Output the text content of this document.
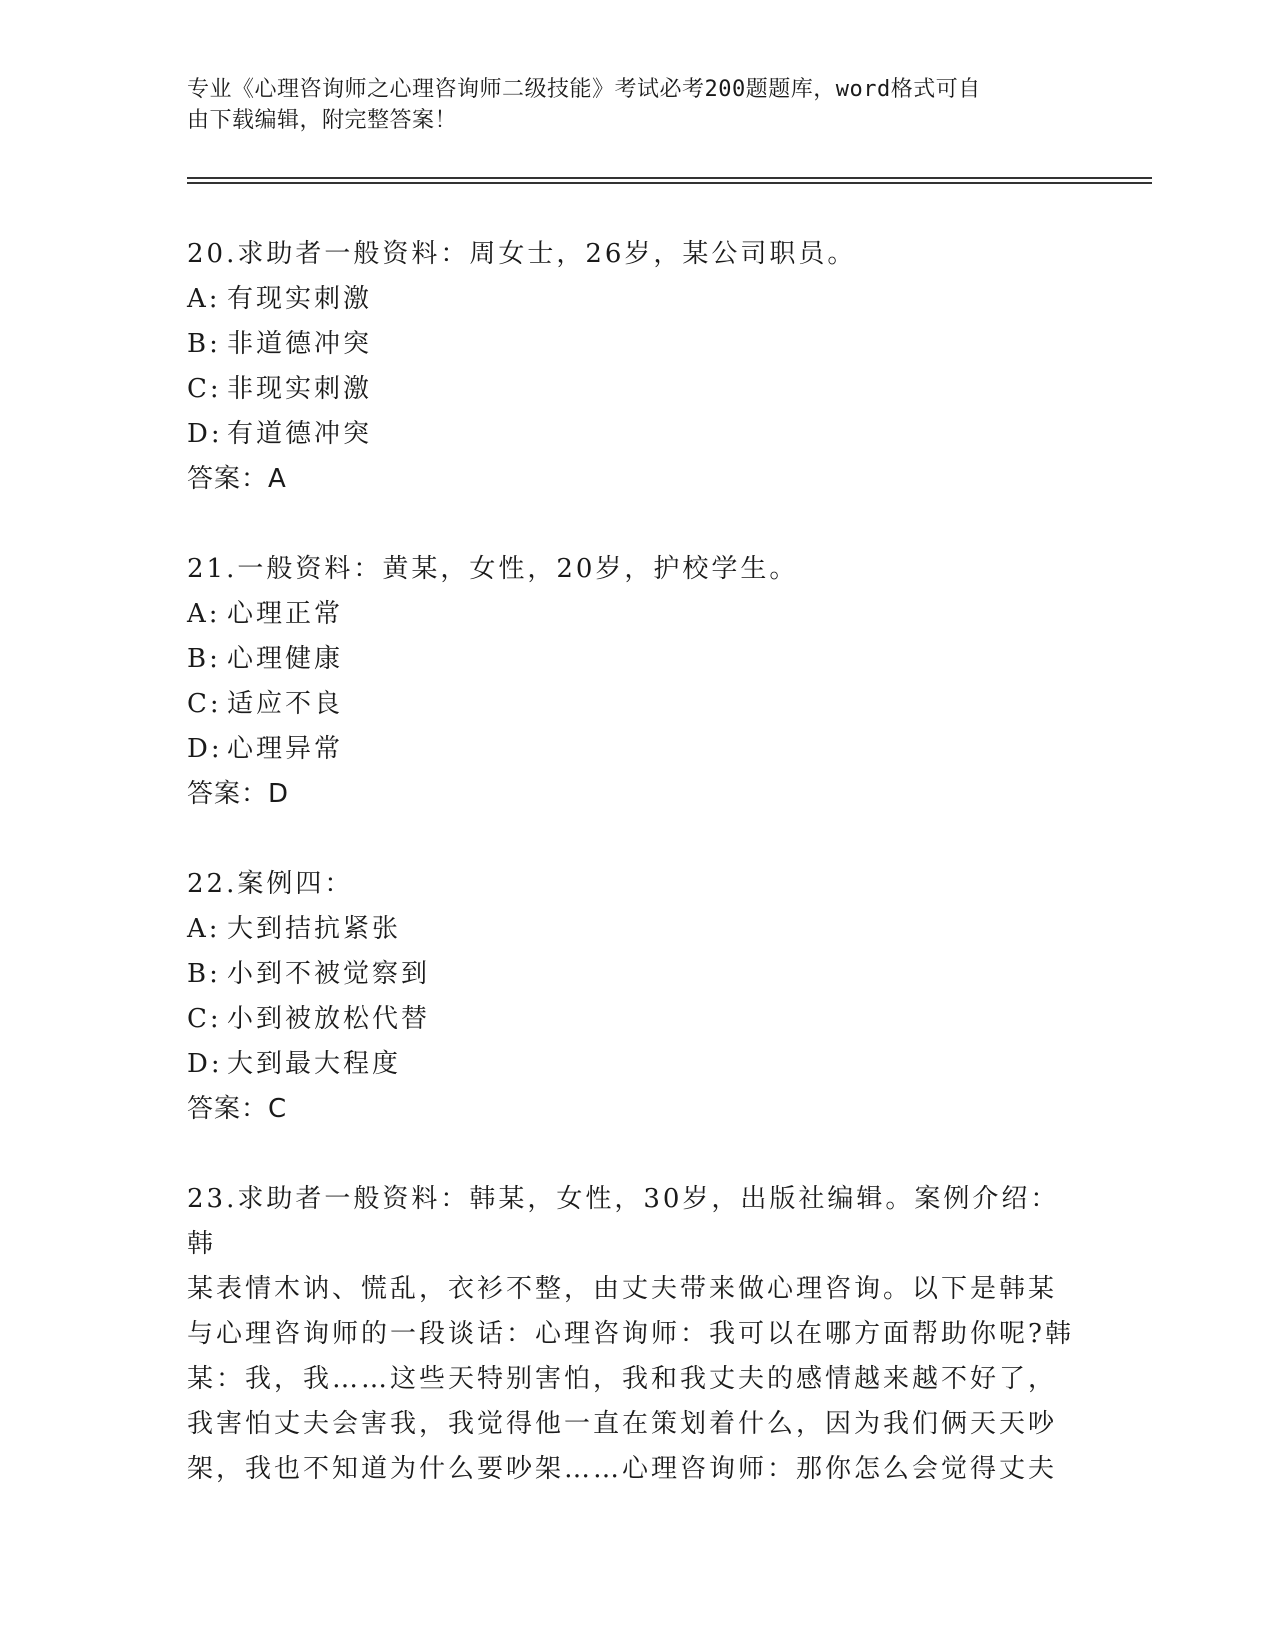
专业《心理咨询师之心理咨询师二级技能》考试必考200题题库，word格式可自
由下载编辑，附完整答案！
20.求助者一般资料：周女士，26岁，某公司职员。
A: 有现实刺激
B: 非道德冲突
C: 非现实刺激
D: 有道德冲突
答案：A
21.一般资料：黄某，女性，20岁，护校学生。
A: 心理正常
B: 心理健康
C: 适应不良
D: 心理异常
答案：D
22.案例四：
A: 大到拮抗紧张
B: 小到不被觉察到
C: 小到被放松代替
D: 大到最大程度
答案：C
23.求助者一般资料：韩某，女性，30岁，出版社编辑。案例介绍：韩
某表情木讷、慌乱，衣衫不整，由丈夫带来做心理咨询。以下是韩某
与心理咨询师的一段谈话：心理咨询师：我可以在哪方面帮助你呢?韩
某：我，我……这些天特别害怕，我和我丈夫的感情越来越不好了，
我害怕丈夫会害我，我觉得他一直在策划着什么，因为我们俩天天吵
架，我也不知道为什么要吵架……心理咨询师：那你怎么会觉得丈夫
